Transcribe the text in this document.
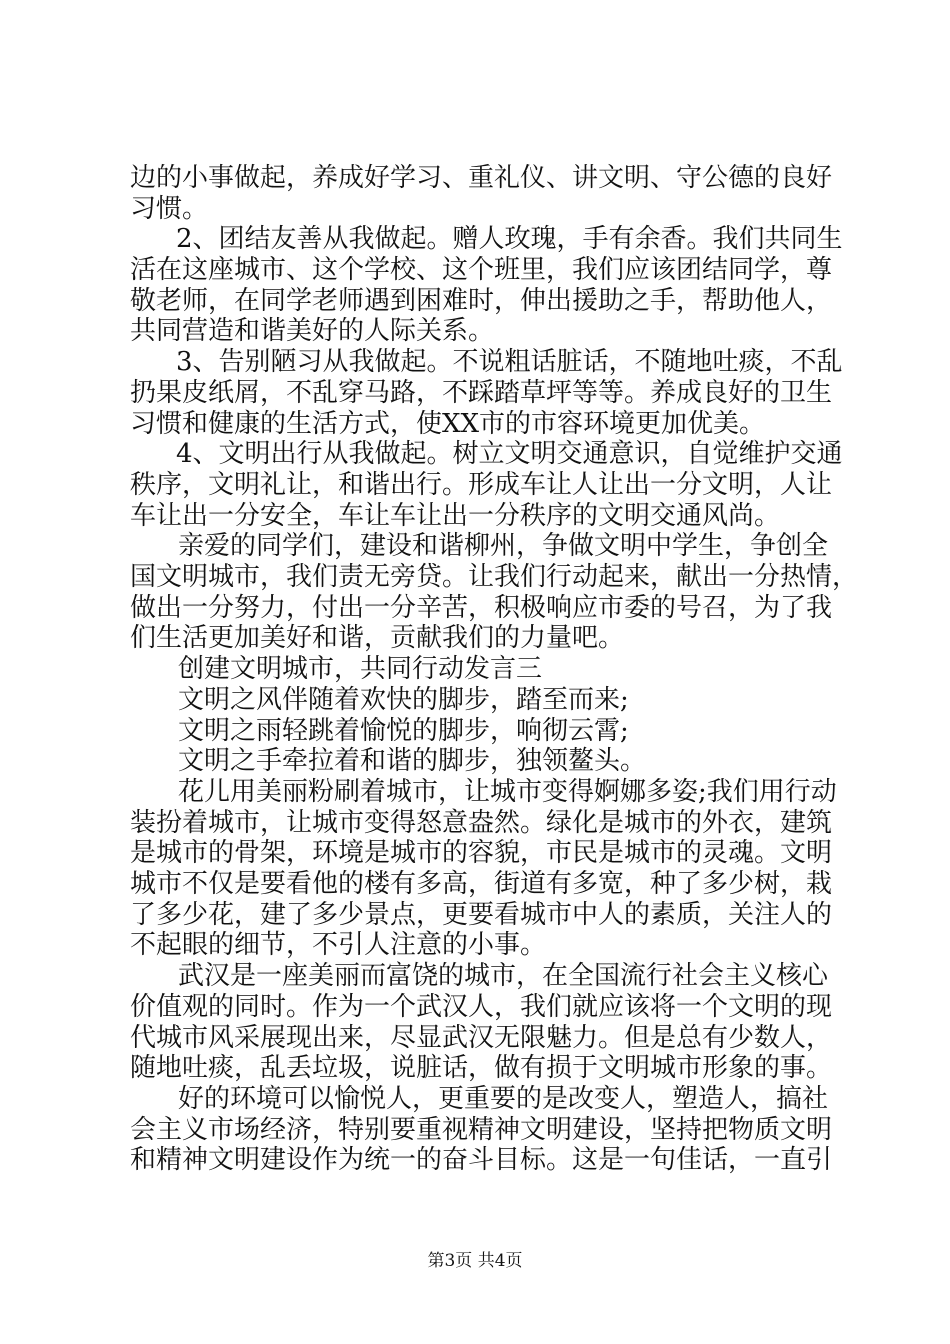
边的小事做起，养成好学习、重礼仪、讲文明、守公德的良好
习惯。
2、团结友善从我做起。赠人玫瑰，手有余香。我们共同生
活在这座城市、这个学校、这个班里，我们应该团结同学，尊
敬老师，在同学老师遇到困难时，伸出援助之手，帮助他人，
共同营造和谐美好的人际关系。
3、告别陋习从我做起。不说粗话脏话，不随地吐痰，不乱
扔果皮纸屑，不乱穿马路，不踩踏草坪等等。养成良好的卫生
习惯和健康的生活方式，使XX市的市容环境更加优美。
4、文明出行从我做起。树立文明交通意识，自觉维护交通
秩序，文明礼让，和谐出行。形成车让人让出一分文明，人让
车让出一分安全，车让车让出一分秩序的文明交通风尚。
亲爱的同学们，建设和谐柳州，争做文明中学生，争创全
国文明城市，我们责无旁贷。让我们行动起来，献出一分热情，
做出一分努力，付出一分辛苦，积极响应市委的号召，为了我
们生活更加美好和谐，贡献我们的力量吧。
创建文明城市，共同行动发言三
文明之风伴随着欢快的脚步，踏至而来;
文明之雨轻跳着愉悦的脚步，响彻云霄;
文明之手牵拉着和谐的脚步，独领鳌头。
花儿用美丽粉刷着城市，让城市变得婀娜多姿;我们用行动
装扮着城市，让城市变得怒意盎然。绿化是城市的外衣，建筑
是城市的骨架，环境是城市的容貌，市民是城市的灵魂。文明
城市不仅是要看他的楼有多高，街道有多宽，种了多少树，栽
了多少花，建了多少景点，更要看城市中人的素质，关注人的
不起眼的细节，不引人注意的小事。
武汉是一座美丽而富饶的城市，在全国流行社会主义核心
价值观的同时。作为一个武汉人，我们就应该将一个文明的现
代城市风采展现出来，尽显武汉无限魅力。但是总有少数人，
随地吐痰，乱丢垃圾，说脏话，做有损于文明城市形象的事。
好的环境可以愉悦人，更重要的是改变人，塑造人，搞社
会主义市场经济，特别要重视精神文明建设，坚持把物质文明
和精神文明建设作为统一的奋斗目标。这是一句佳话，一直引
第3页 共4页
